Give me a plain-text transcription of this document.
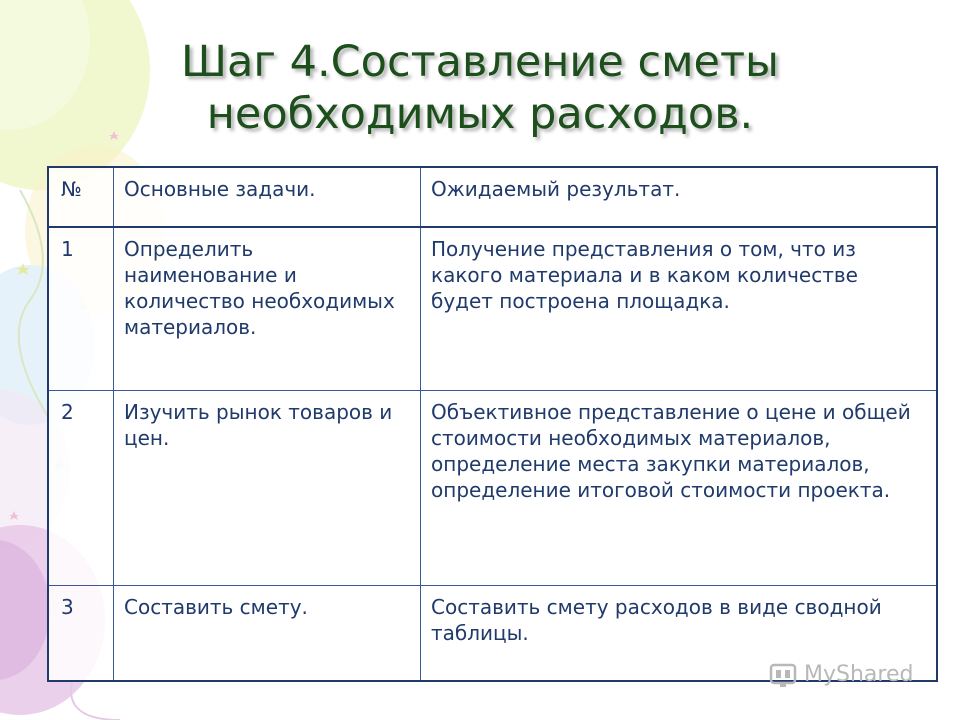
Шаг 4.Составление сметы
необходимых расходов.
№	Основные задачи.	Ожидаемый результат.
1	Определить наименование и количество необходимых материалов.	Получение представления о том, что из какого материала и в каком количестве будет построена площадка.
2	Изучить рынок товаров и цен.	Объективное представление о цене и общей стоимости необходимых материалов, определение места закупки материалов, определение итоговой стоимости проекта.
3	Составить смету.	Составить смету расходов в виде сводной таблицы.
MyShared
